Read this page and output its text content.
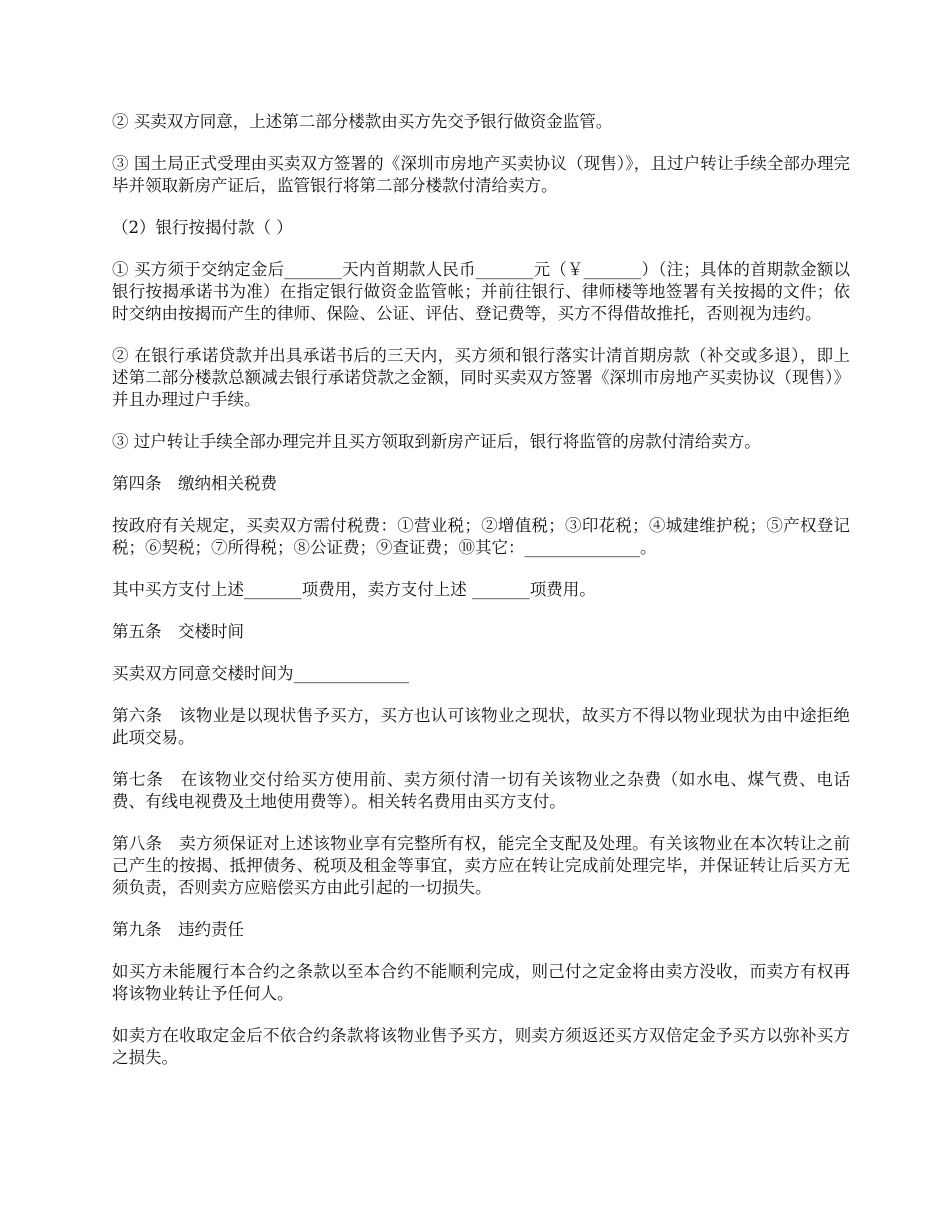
② 买卖双方同意，上述第二部分楼款由买方先交予银行做资金监管。

③ 国土局正式受理由买卖双方签署的《深圳市房地产买卖协议（现售）》，且过户转让手续全部办理完毕并领取新房产证后，监管银行将第二部分楼款付清给卖方。

（2）银行按揭付款（ ）

① 买方须于交纳定金后_______天内首期款人民币_______元（￥_______）（注；具体的首期款金额以银行按揭承诺书为准）在指定银行做资金监管帐；并前往银行、律师楼等地签署有关按揭的文件；依时交纳由按揭而产生的律师、保险、公证、评估、登记费等，买方不得借故推托，否则视为违约。

② 在银行承诺贷款并出具承诺书后的三天内，买方须和银行落实计清首期房款（补交或多退），即上述第二部分楼款总额减去银行承诺贷款之金额，同时买卖双方签署《深圳市房地产买卖协议（现售）》并且办理过户手续。

③ 过户转让手续全部办理完并且买方领取到新房产证后，银行将监管的房款付清给卖方。

第四条　缴纳相关税费

按政府有关规定，买卖双方需付税费：①营业税；②增值税；③印花税；④城建维护税；⑤产权登记税；⑥契税；⑦所得税；⑧公证费；⑨查证费；⑩其它：______________。

其中买方支付上述_______项费用，卖方支付上述 _______项费用。

第五条　交楼时间

买卖双方同意交楼时间为______________

第六条　该物业是以现状售予买方，买方也认可该物业之现状，故买方不得以物业现状为由中途拒绝此项交易。

第七条　在该物业交付给买方使用前、卖方须付清一切有关该物业之杂费（如水电、煤气费、电话费、有线电视费及土地使用费等）。相关转名费用由买方支付。

第八条　卖方须保证对上述该物业享有完整所有权，能完全支配及处理。有关该物业在本次转让之前己产生的按揭、抵押债务、税项及租金等事宜，卖方应在转让完成前处理完毕，并保证转让后买方无须负责，否则卖方应赔偿买方由此引起的一切损失。

第九条　违约责任

如买方未能履行本合约之条款以至本合约不能顺利完成，则己付之定金将由卖方没收，而卖方有权再将该物业转让予任何人。

如卖方在收取定金后不依合约条款将该物业售予买方，则卖方须返还买方双倍定金予买方以弥补买方之损失。
